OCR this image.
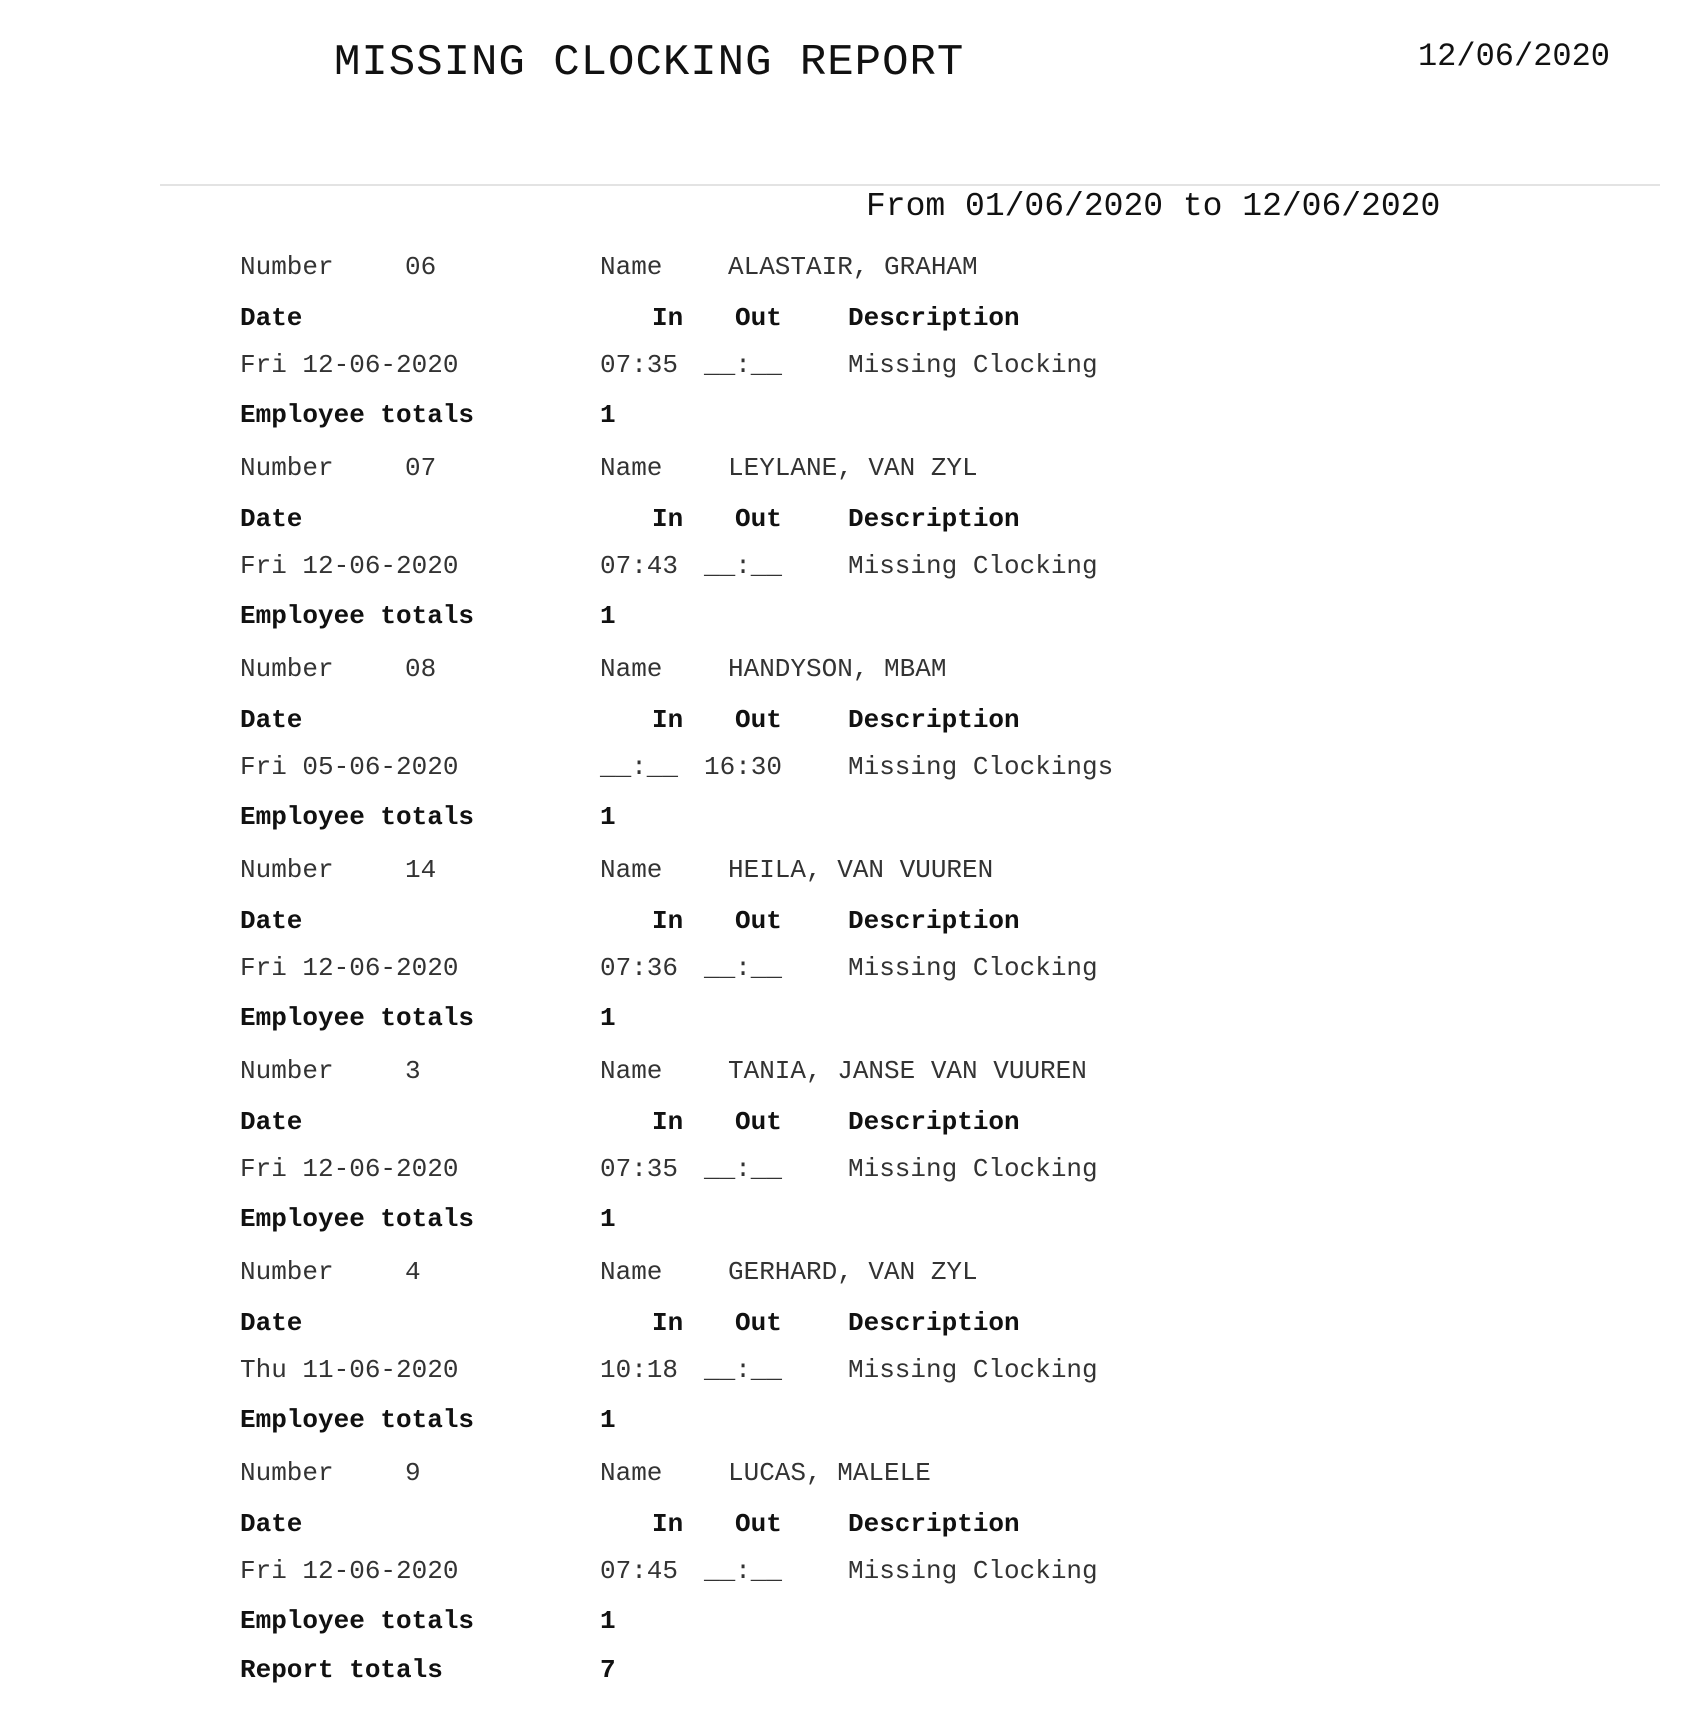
MISSING CLOCKING REPORT	12/06/2020
From 01/06/2020 to 12/06/2020
Number	06	Name	ALASTAIR, GRAHAM
Date	In Out	Description
Fri 12-06-2020	07:35 __:__	Missing Clocking
Employee totals	1
Number	07	Name	LEYLANE, VAN ZYL
Date	In Out	Description
Fri 12-06-2020	07:43 __:__	Missing Clocking
Employee totals	1
Number	08	Name	HANDYSON, MBAM
Date	In Out	Description
Fri 05-06-2020	__:__ 16:30	Missing Clockings
Employee totals	1
Number	14	Name	HEILA, VAN VUUREN
Date	In Out	Description
Fri 12-06-2020	07:36 __:__	Missing Clocking
Employee totals	1
Number	3	Name	TANIA, JANSE VAN VUUREN
Date	In Out	Description
Fri 12-06-2020	07:35 __:__	Missing Clocking
Employee totals	1
Number	4	Name	GERHARD, VAN ZYL
Date	In Out	Description
Thu 11-06-2020	10:18 __:__	Missing Clocking
Employee totals	1
Number	9	Name	LUCAS, MALELE
Date	In Out	Description
Fri 12-06-2020	07:45 __:__	Missing Clocking
Employee totals	1
Report totals	7
